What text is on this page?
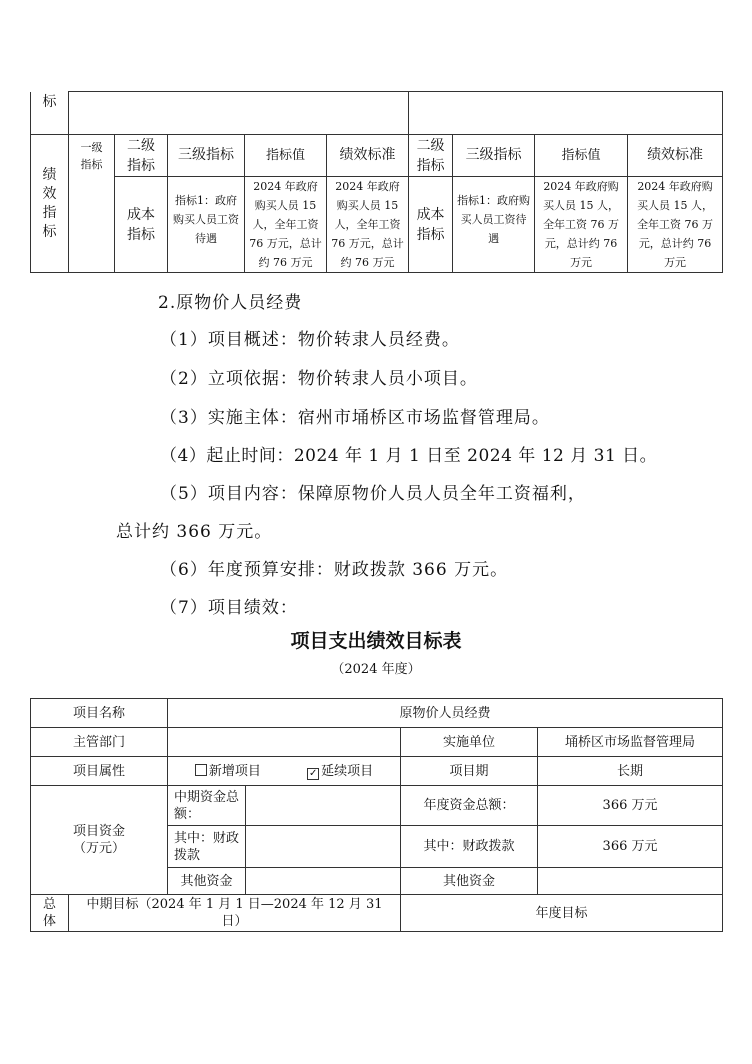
标									

绩效指标	一级指标	二级指标	三级指标	指标值	绩效标准	二级指标	三级指标	指标值	绩效标准

		成本指标	指标1：政府购买人员工资待遇	2024 年政府购买人员 15 人，全年工资 76 万元，总计约 76 万元	2024 年政府购买人员 15 人，全年工资 76 万元，总计约 76 万元	成本指标	指标1：政府购买人员工资待遇	2024 年政府购买人员 15 人，全年工资 76 万元，总计约 76 万元	2024 年政府购买人员 15 人，全年工资 76 万元，总计约 76 万元
2.原物价人员经费
（1）项目概述：物价转隶人员经费。
（2）立项依据：物价转隶人员小项目。
（3）实施主体：宿州市埇桥区市场监督管理局。
（4）起止时间：2024 年 1 月 1 日至 2024 年 12 月 31 日。
（5）项目内容：保障原物价人员人员全年工资福利，
总计约 366 万元。
（6）年度预算安排：财政拨款 366 万元。
（7）项目绩效：
项目支出绩效目标表
（2024 年度）
项目名称		原物价人员经费			
主管部门				实施单位	埇桥区市场监督管理局
项目属性		新增项目 ✓ 延续项目		项目期	长期

项目资金（万元）		中期资金总额：		年度资金总额：	366 万元
		其中：财政拨款		其中：财政拨款	366 万元
		其他资金		其他资金	

总体	中期目标（2024 年 1 月 1 日—2024 年 12 月 31 日）			年度目标	
